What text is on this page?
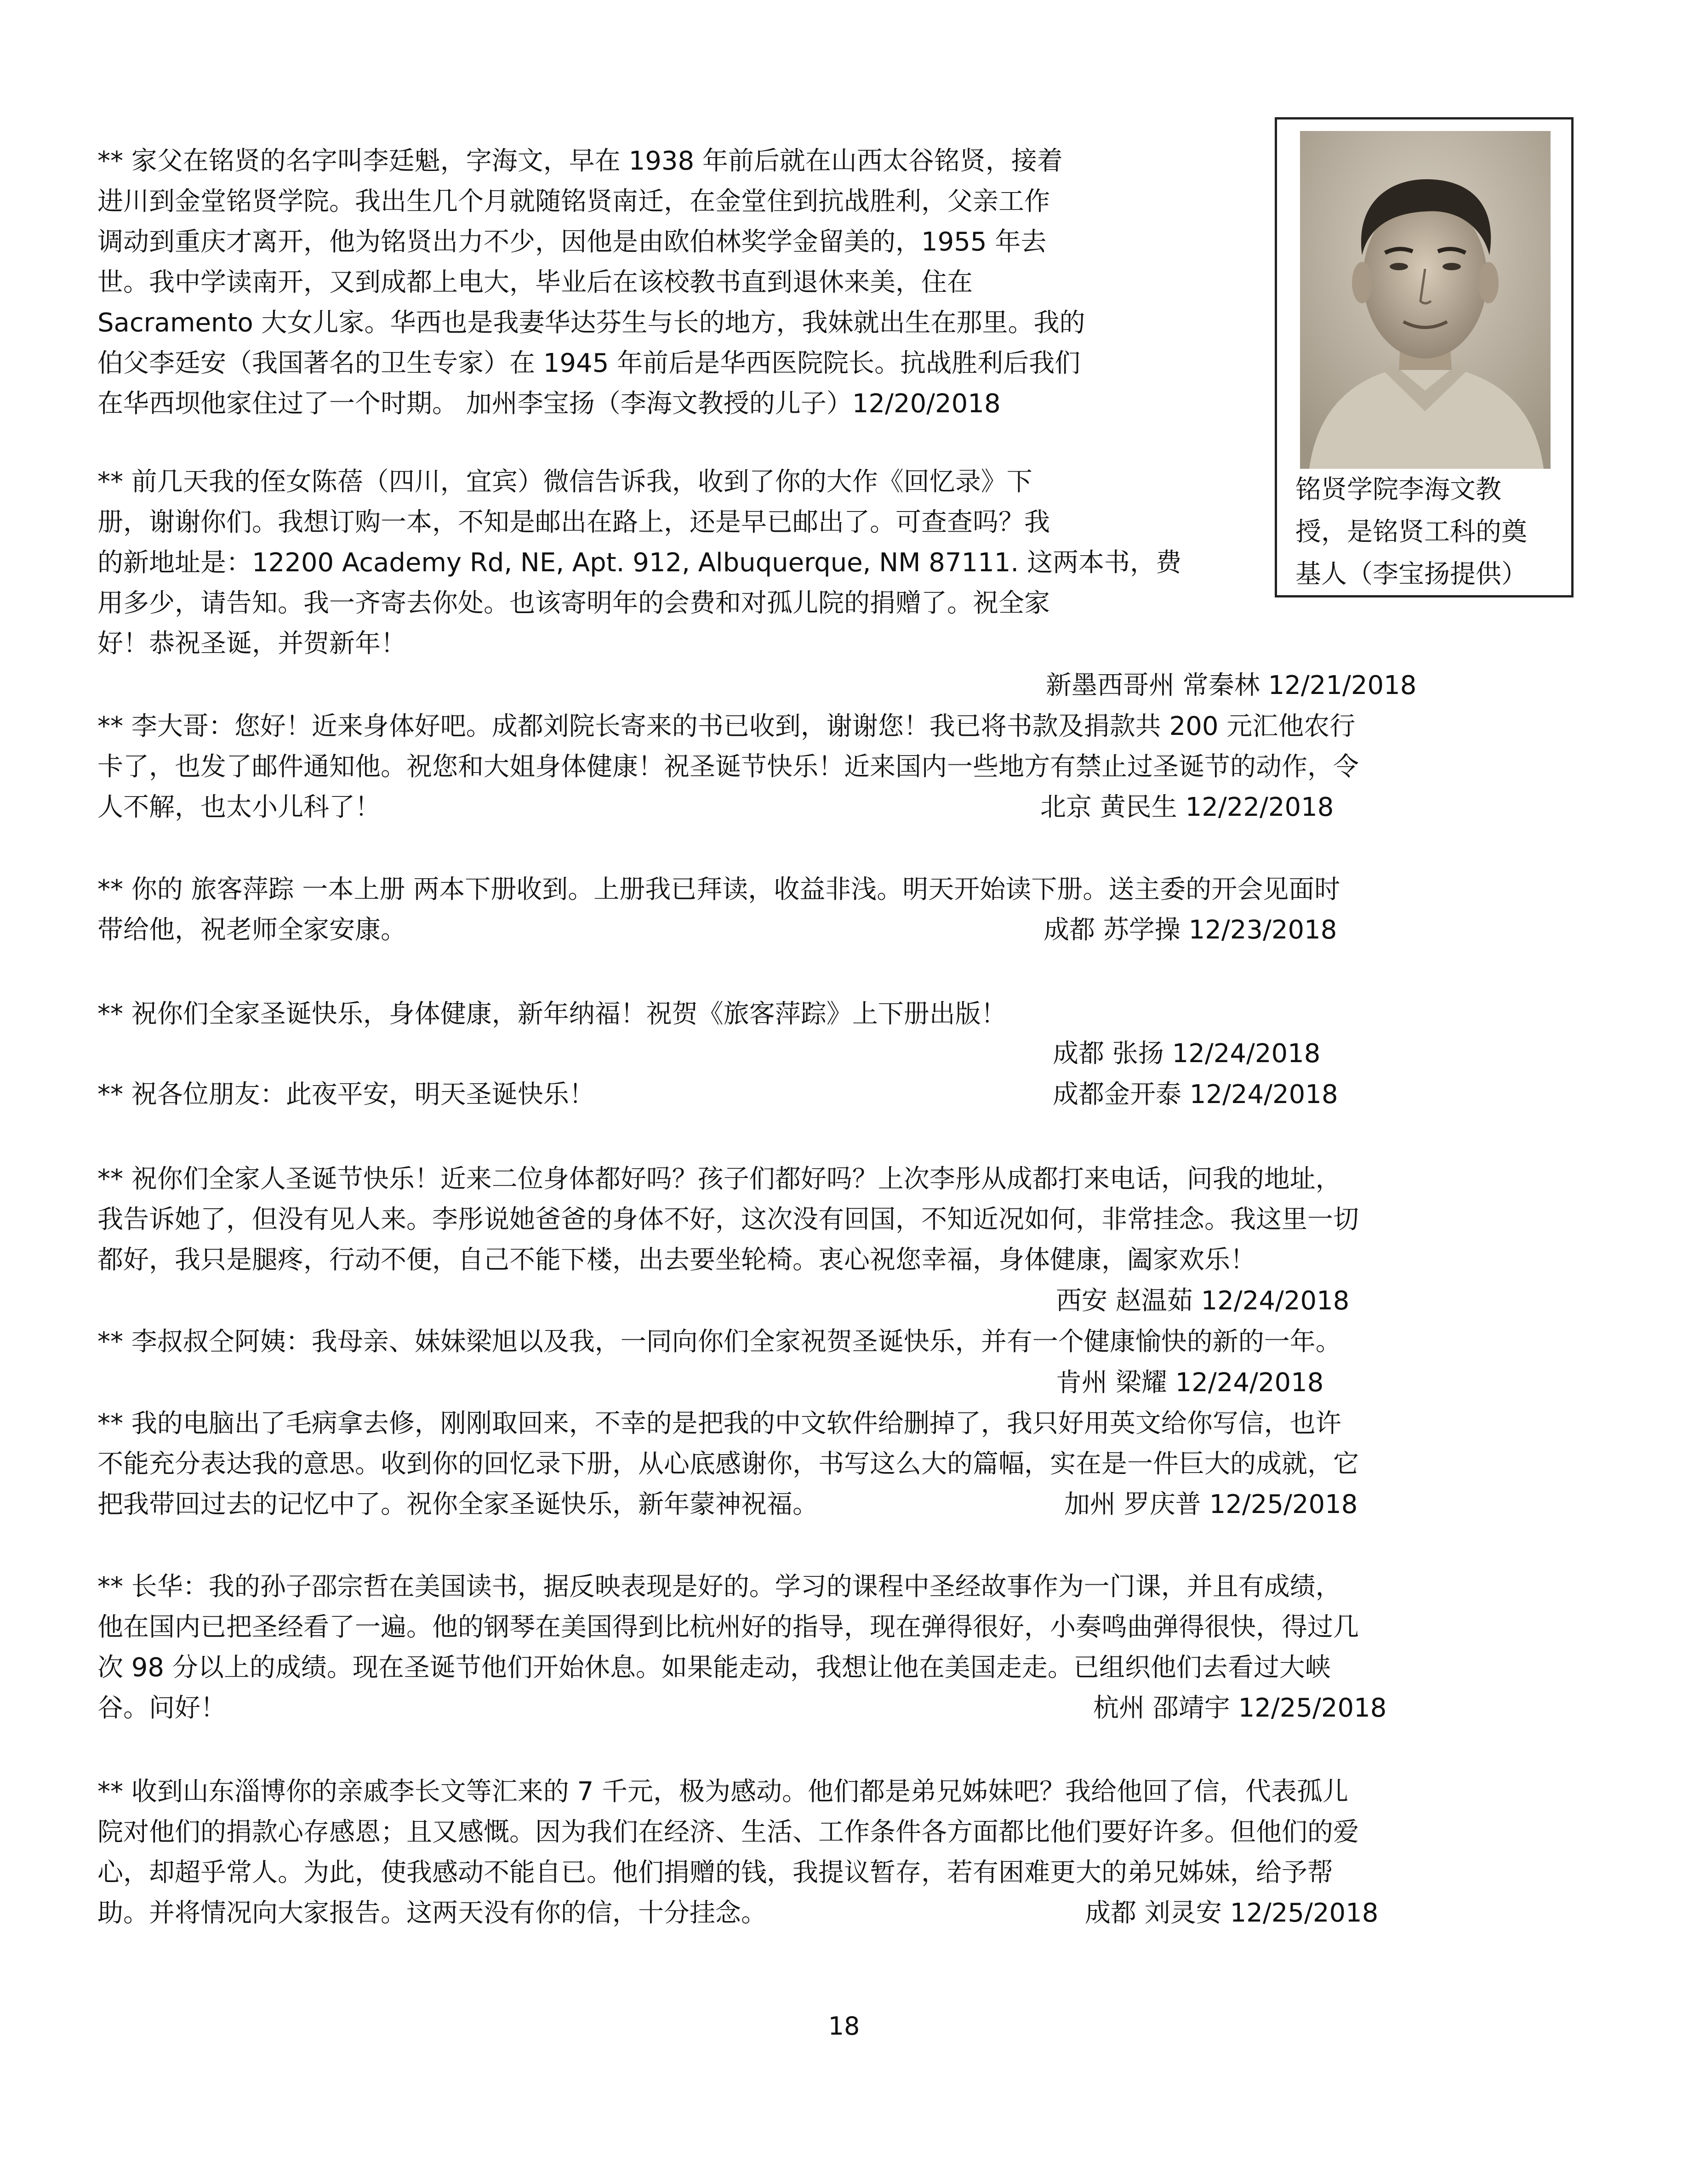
铭贤学院李海文教
授，是铭贤工科的奠
基人（李宝扬提供）
** 家父在铭贤的名字叫李廷魁，字海文，早在 1938 年前后就在山西太谷铭贤，接着
进川到金堂铭贤学院。我出生几个月就随铭贤南迁，在金堂住到抗战胜利，父亲工作
调动到重庆才离开，他为铭贤出力不少，因他是由欧伯林奖学金留美的，1955 年去
世。我中学读南开，又到成都上电大，毕业后在该校教书直到退休来美，住在
Sacramento 大女儿家。华西也是我妻华达芬生与长的地方，我妹就出生在那里。我的
伯父李廷安（我国著名的卫生专家）在 1945 年前后是华西医院院长。抗战胜利后我们
在华西坝他家住过了一个时期。 加州李宝扬（李海文教授的儿子）12/20/2018
** 前几天我的侄女陈蓓（四川，宜宾）微信告诉我，收到了你的大作《回忆录》下
册，谢谢你们。我想订购一本，不知是邮出在路上，还是早已邮出了。可查查吗？我
的新地址是：12200 Academy Rd, NE, Apt. 912, Albuquerque, NM 87111. 这两本书，费
用多少，请告知。我一齐寄去你处。也该寄明年的会费和对孤儿院的捐赠了。祝全家
好！恭祝圣诞，并贺新年！
新墨西哥州 常秦林 12/21/2018
** 李大哥：您好！近来身体好吧。成都刘院长寄来的书已收到，谢谢您！我已将书款及捐款共 200 元汇他农行
卡了，也发了邮件通知他。祝您和大姐身体健康！祝圣诞节快乐！近来国内一些地方有禁止过圣诞节的动作，令
人不解，也太小儿科了！	北京 黄民生 12/22/2018
** 你的 旅客萍踪 一本上册 两本下册收到。上册我已拜读，收益非浅。明天开始读下册。送主委的开会见面时
带给他，祝老师全家安康。	成都 苏学操 12/23/2018
** 祝你们全家圣诞快乐，身体健康，新年纳福！祝贺《旅客萍踪》上下册出版！
成都 张扬 12/24/2018
** 祝各位朋友：此夜平安，明天圣诞快乐！	成都金开泰 12/24/2018
** 祝你们全家人圣诞节快乐！近来二位身体都好吗？孩子们都好吗？上次李彤从成都打来电话，问我的地址，
我告诉她了，但没有见人来。李彤说她爸爸的身体不好，这次没有回国，不知近况如何，非常挂念。我这里一切
都好，我只是腿疼，行动不便，自己不能下楼，出去要坐轮椅。衷心祝您幸福，身体健康，阖家欢乐！
西安 赵温茹 12/24/2018
** 李叔叔仝阿姨：我母亲、妹妹梁旭以及我，一同向你们全家祝贺圣诞快乐，并有一个健康愉快的新的一年。
肯州 梁耀 12/24/2018
** 我的电脑出了毛病拿去修，刚刚取回来，不幸的是把我的中文软件给删掉了，我只好用英文给你写信，也许
不能充分表达我的意思。收到你的回忆录下册，从心底感谢你，书写这么大的篇幅，实在是一件巨大的成就，它
把我带回过去的记忆中了。祝你全家圣诞快乐，新年蒙神祝福。	加州 罗庆普 12/25/2018
** 长华：我的孙子邵宗哲在美国读书，据反映表现是好的。学习的课程中圣经故事作为一门课，并且有成绩，
他在国内已把圣经看了一遍。他的钢琴在美国得到比杭州好的指导，现在弹得很好，小奏鸣曲弹得很快，得过几
次 98 分以上的成绩。现在圣诞节他们开始休息。如果能走动，我想让他在美国走走。已组织他们去看过大峡
谷。问好！	杭州 邵靖宇 12/25/2018
** 收到山东淄博你的亲戚李长文等汇来的 7 千元，极为感动。他们都是弟兄姊妹吧？我给他回了信，代表孤儿
院对他们的捐款心存感恩；且又感慨。因为我们在经济、生活、工作条件各方面都比他们要好许多。但他们的爱
心，却超乎常人。为此，使我感动不能自已。他们捐赠的钱，我提议暂存，若有困难更大的弟兄姊妹，给予帮
助。并将情况向大家报告。这两天没有你的信，十分挂念。	成都 刘灵安 12/25/2018
18
